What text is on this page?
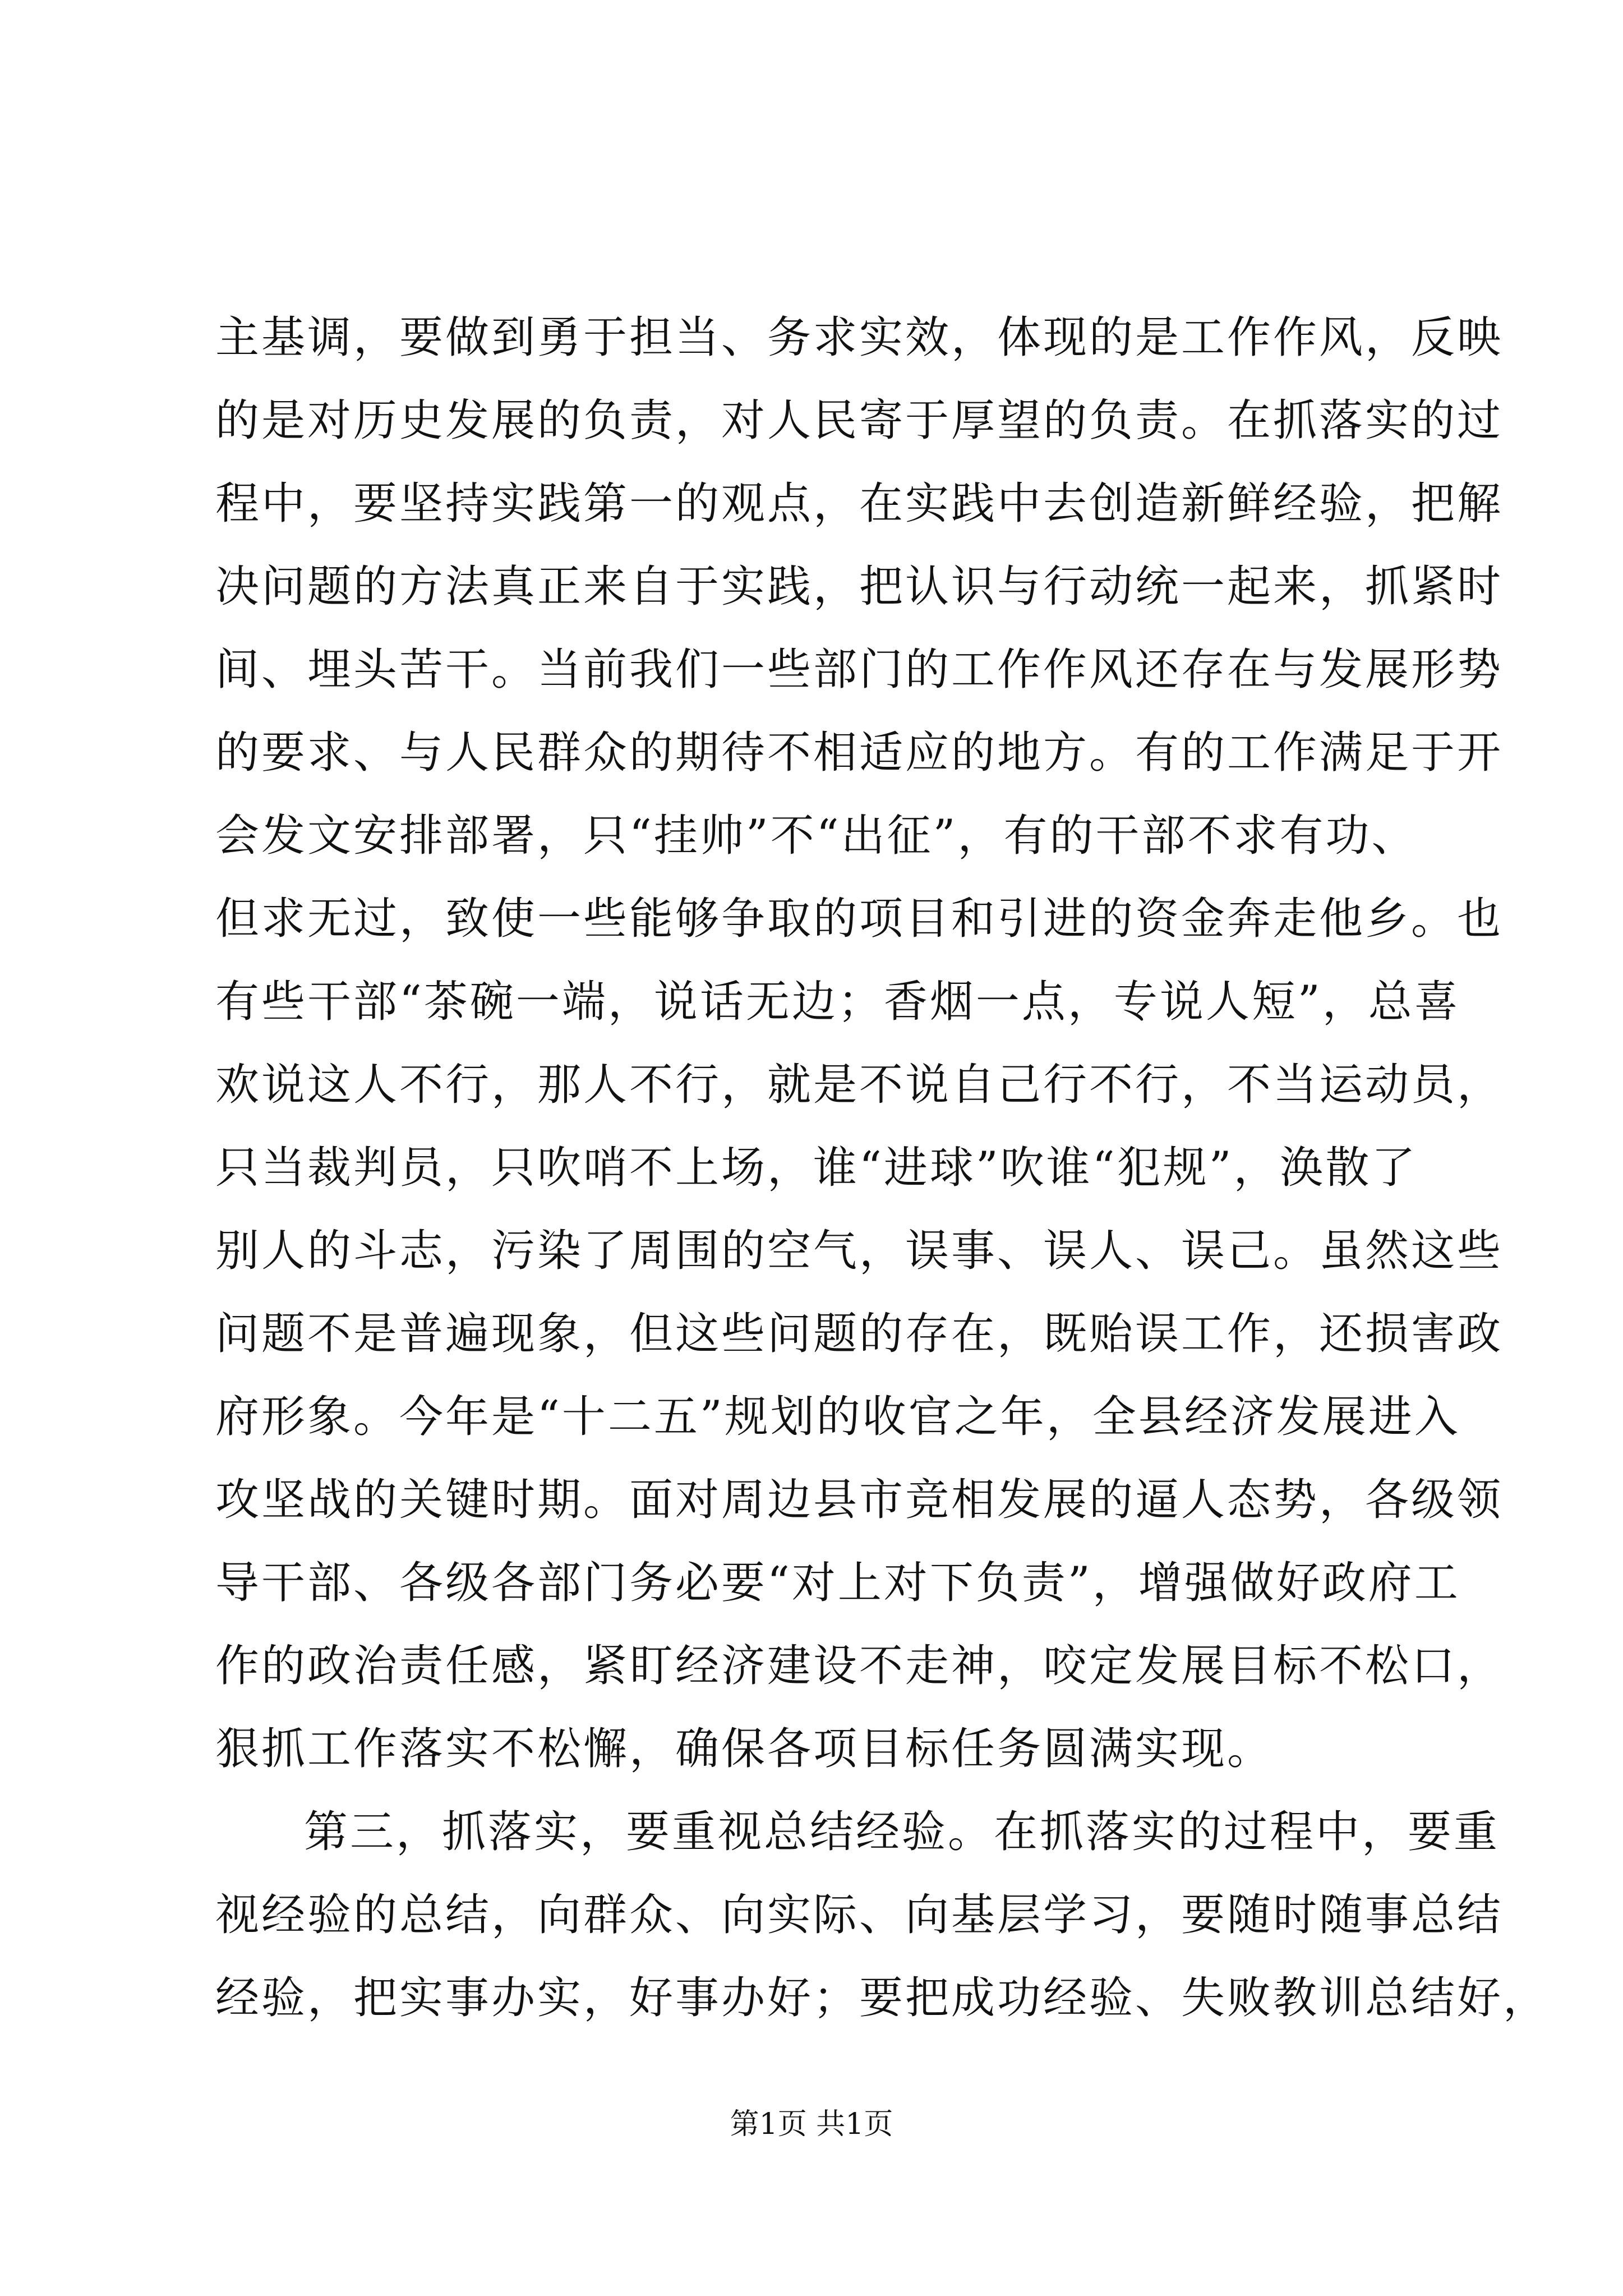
主基调，要做到勇于担当、务求实效，体现的是工作作风，反映
的是对历史发展的负责，对人民寄于厚望的负责。在抓落实的过
程中，要坚持实践第一的观点，在实践中去创造新鲜经验，把解
决问题的方法真正来自于实践，把认识与行动统一起来，抓紧时
间、埋头苦干。当前我们一些部门的工作作风还存在与发展形势
的要求、与人民群众的期待不相适应的地方。有的工作满足于开
会发文安排部署，只“挂帅”不“出征”，有的干部不求有功、
但求无过，致使一些能够争取的项目和引进的资金奔走他乡。也
有些干部“茶碗一端，说话无边；香烟一点，专说人短”，总喜
欢说这人不行，那人不行，就是不说自己行不行，不当运动员，
只当裁判员，只吹哨不上场，谁“进球”吹谁“犯规”，涣散了
别人的斗志，污染了周围的空气，误事、误人、误己。虽然这些
问题不是普遍现象，但这些问题的存在，既贻误工作，还损害政
府形象。今年是“十二五”规划的收官之年，全县经济发展进入
攻坚战的关键时期。面对周边县市竞相发展的逼人态势，各级领
导干部、各级各部门务必要“对上对下负责”，增强做好政府工
作的政治责任感，紧盯经济建设不走神，咬定发展目标不松口，
狠抓工作落实不松懈，确保各项目标任务圆满实现。
第三，抓落实，要重视总结经验。在抓落实的过程中，要重
视经验的总结，向群众、向实际、向基层学习，要随时随事总结
经验，把实事办实，好事办好；要把成功经验、失败教训总结好，
第1页 共1页
